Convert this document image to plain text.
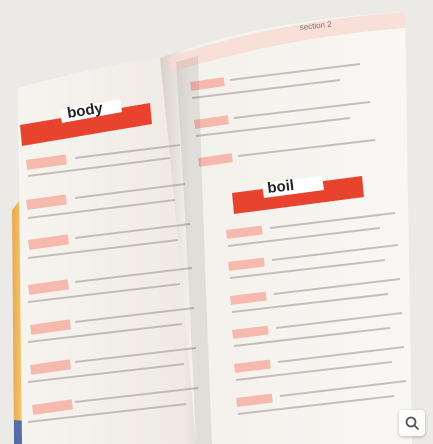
body
boil
section 2
